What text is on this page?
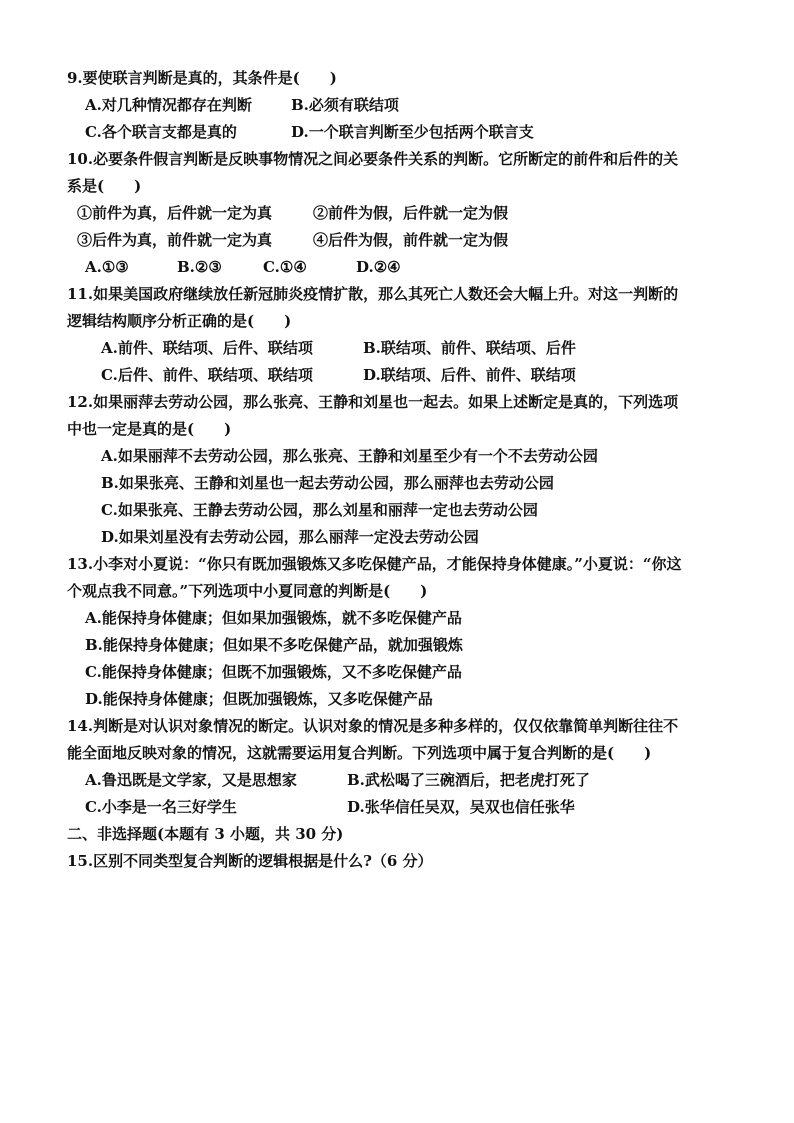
9.要使联言判断是真的，其条件是(　　)
A.对几种情况都存在判断	B.必须有联结项
C.各个联言支都是真的	D.一个联言判断至少包括两个联言支
10.必要条件假言判断是反映事物情况之间必要条件关系的判断。它所断定的前件和后件的关
系是(　　)
①前件为真，后件就一定为真	②前件为假，后件就一定为假
③后件为真，前件就一定为真	④后件为假，前件就一定为假
A.①③	B.②③	C.①④	D.②④
11.如果美国政府继续放任新冠肺炎疫情扩散，那么其死亡人数还会大幅上升。对这一判断的
逻辑结构顺序分析正确的是(　　)
A.前件、联结项、后件、联结项	B.联结项、前件、联结项、后件
C.后件、前件、联结项、联结项	D.联结项、后件、前件、联结项
12.如果丽萍去劳动公园，那么张亮、王静和刘星也一起去。如果上述断定是真的，下列选项
中也一定是真的是(　　)
A.如果丽萍不去劳动公园，那么张亮、王静和刘星至少有一个不去劳动公园
B.如果张亮、王静和刘星也一起去劳动公园，那么丽萍也去劳动公园
C.如果张亮、王静去劳动公园，那么刘星和丽萍一定也去劳动公园
D.如果刘星没有去劳动公园，那么丽萍一定没去劳动公园
13.小李对小夏说：“你只有既加强锻炼又多吃保健产品，才能保持身体健康。”小夏说：“你这
个观点我不同意。”下列选项中小夏同意的判断是(　　)
A.能保持身体健康；但如果加强锻炼，就不多吃保健产品
B.能保持身体健康；但如果不多吃保健产品，就加强锻炼
C.能保持身体健康；但既不加强锻炼，又不多吃保健产品
D.能保持身体健康；但既加强锻炼，又多吃保健产品
14.判断是对认识对象情况的断定。认识对象的情况是多种多样的，仅仅依靠简单判断往往不
能全面地反映对象的情况，这就需要运用复合判断。下列选项中属于复合判断的是(　　)
A.鲁迅既是文学家，又是思想家	B.武松喝了三碗酒后，把老虎打死了
C.小李是一名三好学生	D.张华信任吴双，吴双也信任张华
二、非选择题(本题有 3 小题，共 30 分)
15.区别不同类型复合判断的逻辑根据是什么?（6 分）
